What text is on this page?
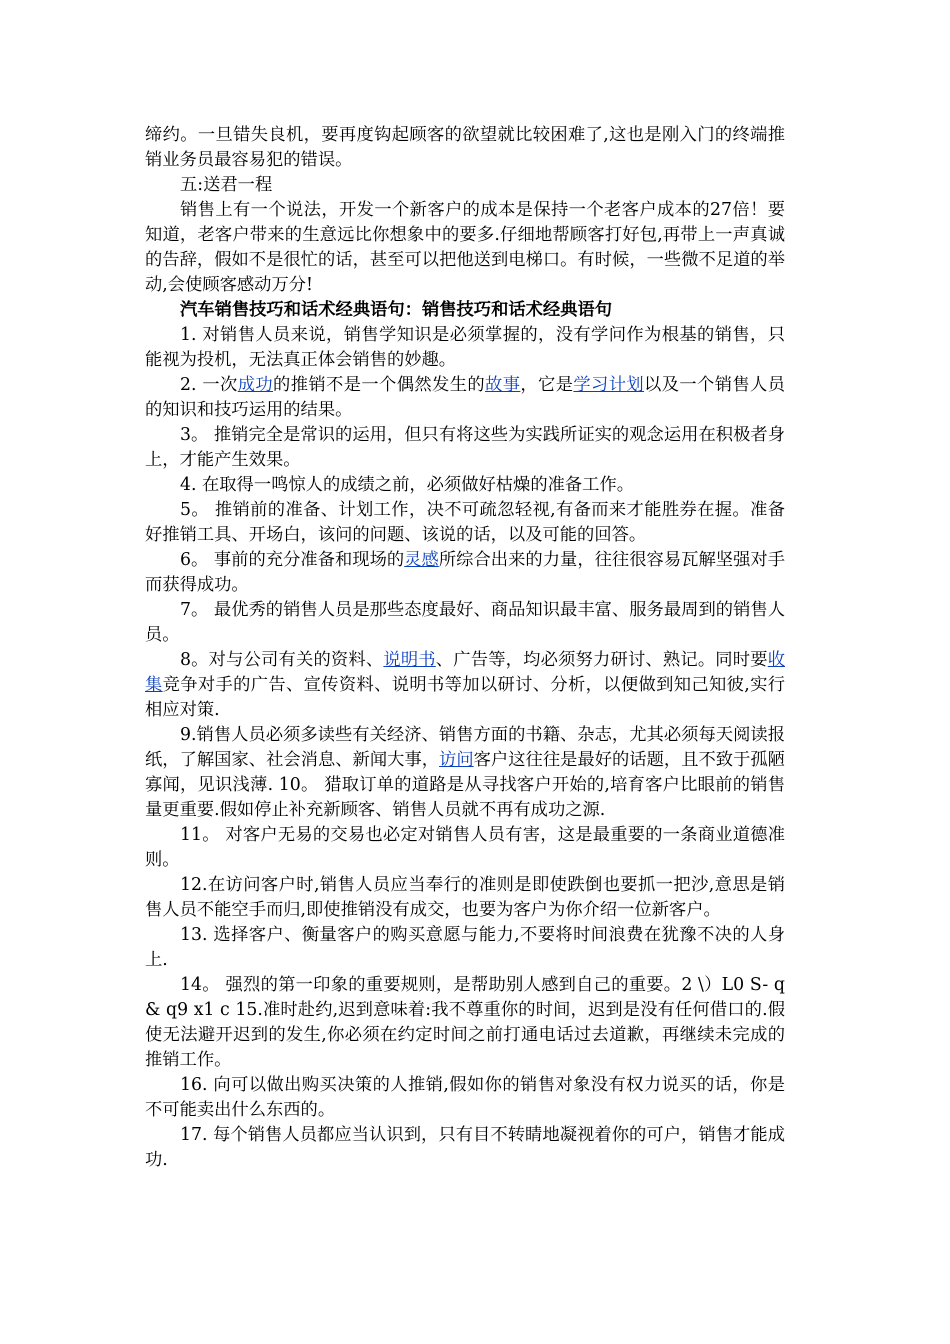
缔约。一旦错失良机，要再度钩起顾客的欲望就比较困难了,这也是刚入门的终端推销业务员最容易犯的错误。

五:送君一程

销售上有一个说法，开发一个新客户的成本是保持一个老客户成本的27倍！要知道，老客户带来的生意远比你想象中的要多.仔细地帮顾客打好包,再带上一声真诚的告辞，假如不是很忙的话，甚至可以把他送到电梯口。有时候，一些微不足道的举动,会使顾客感动万分!

汽车销售技巧和话术经典语句：销售技巧和话术经典语句

1. 对销售人员来说，销售学知识是必须掌握的，没有学问作为根基的销售，只能视为投机，无法真正体会销售的妙趣。

2. 一次成功的推销不是一个偶然发生的故事，它是学习计划以及一个销售人员的知识和技巧运用的结果。

3。 推销完全是常识的运用，但只有将这些为实践所证实的观念运用在积极者身上，才能产生效果。

4. 在取得一鸣惊人的成绩之前，必须做好枯燥的准备工作。

5。 推销前的准备、计划工作，决不可疏忽轻视,有备而来才能胜券在握。准备好推销工具、开场白，该问的问题、该说的话，以及可能的回答。

6。 事前的充分准备和现场的灵感所综合出来的力量，往往很容易瓦解坚强对手而获得成功。

7。 最优秀的销售人员是那些态度最好、商品知识最丰富、服务最周到的销售人员。

8。对与公司有关的资料、说明书、广告等，均必须努力研讨、熟记。同时要收集竞争对手的广告、宣传资料、说明书等加以研讨、分析，以便做到知己知彼,实行相应对策.

9.销售人员必须多读些有关经济、销售方面的书籍、杂志，尤其必须每天阅读报纸，了解国家、社会消息、新闻大事，访问客户这往往是最好的话题，且不致于孤陋寡闻，见识浅薄. 10。 猎取订单的道路是从寻找客户开始的,培育客户比眼前的销售量更重要.假如停止补充新顾客、销售人员就不再有成功之源.

11。 对客户无易的交易也必定对销售人员有害，这是最重要的一条商业道德准则。

12.在访问客户时,销售人员应当奉行的准则是即使跌倒也要抓一把沙,意思是销售人员不能空手而归,即使推销没有成交，也要为客户为你介绍一位新客户。

13. 选择客户、衡量客户的购买意愿与能力,不要将时间浪费在犹豫不决的人身上.

14。 强烈的第一印象的重要规则，是帮助别人感到自己的重要。2 \）L0 S- q& q9 x1 c 15.准时赴约,迟到意味着:我不尊重你的时间，迟到是没有任何借口的.假使无法避开迟到的发生,你必须在约定时间之前打通电话过去道歉，再继续未完成的推销工作。

16. 向可以做出购买决策的人推销,假如你的销售对象没有权力说买的话，你是不可能卖出什么东西的。

17. 每个销售人员都应当认识到，只有目不转睛地凝视着你的可户，销售才能成功.
